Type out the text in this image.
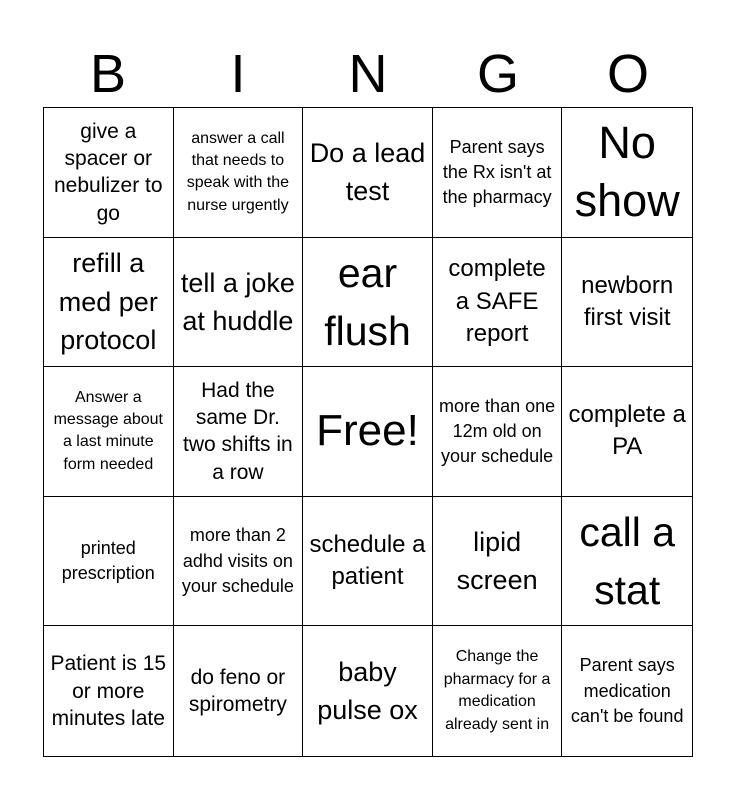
B	I	N	G	O
give a spacer or nebulizer to go
answer a call that needs to speak with the nurse urgently
Do a lead test
Parent says the Rx isn't at the pharmacy
No show
refill a med per protocol
tell a joke at huddle
ear flush
complete a SAFE report
newborn first visit
Answer a message about a last minute form needed
Had the same Dr. two shifts in a row
Free!
more than one 12m old on your schedule
complete a PA
printed prescription
more than 2 adhd visits on your schedule
schedule a patient
lipid screen
call a stat
Patient is 15 or more minutes late
do feno or spirometry
baby pulse ox
Change the pharmacy for a medication already sent in
Parent says medication can't be found
